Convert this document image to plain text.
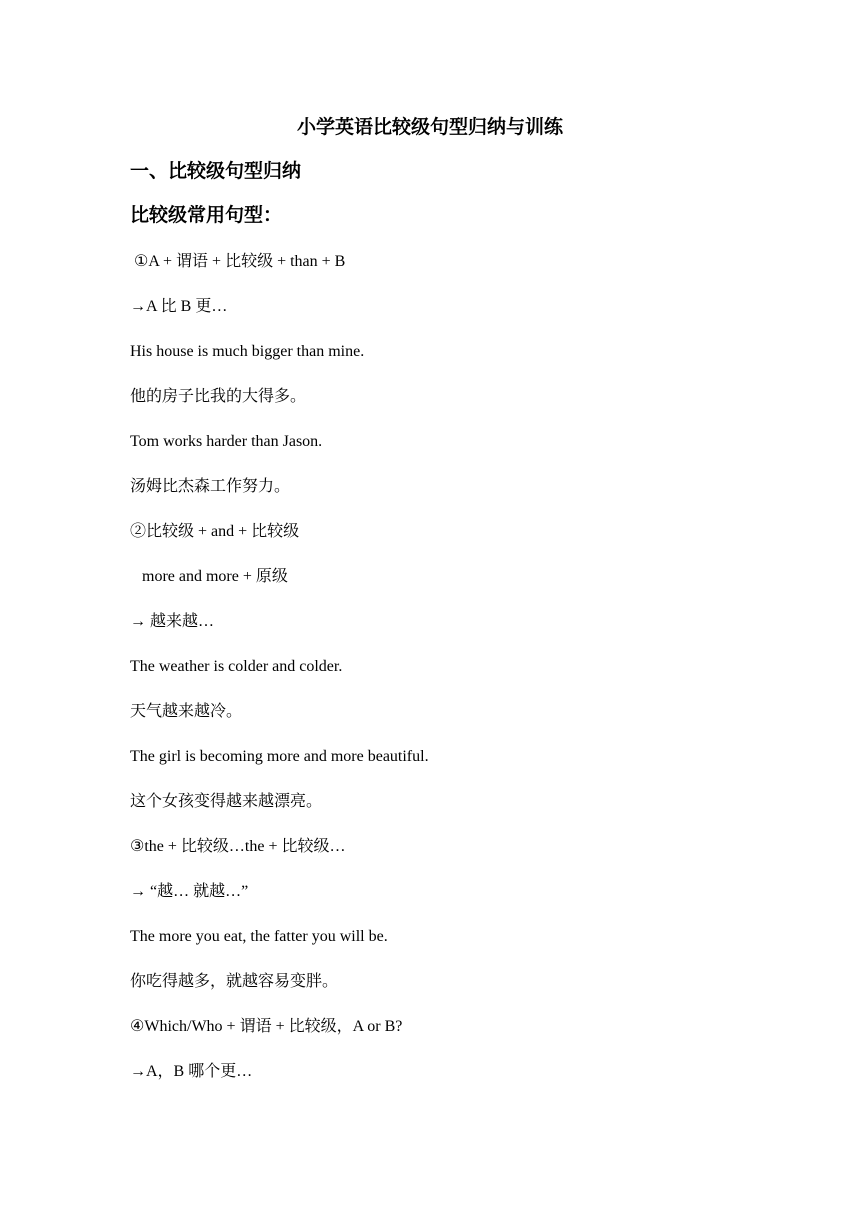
小学英语比较级句型归纳与训练
一、比较级句型归纳
比较级常用句型：
①A + 谓语 + 比较级 + than + B
→A 比 B 更…
His house is much bigger than mine.
他的房子比我的大得多。
Tom works harder than Jason.
汤姆比杰森工作努力。
②比较级 + and + 比较级
more and more + 原级
→ 越来越…
The weather is colder and colder.
天气越来越冷。
The girl is becoming more and more beautiful.
这个女孩变得越来越漂亮。
③the + 比较级…the + 比较级…
→ “越… 就越…”
The more you eat, the fatter you will be.
你吃得越多，就越容易变胖。
④Which/Who + 谓语 + 比较级，A or B?
→A，B 哪个更…
